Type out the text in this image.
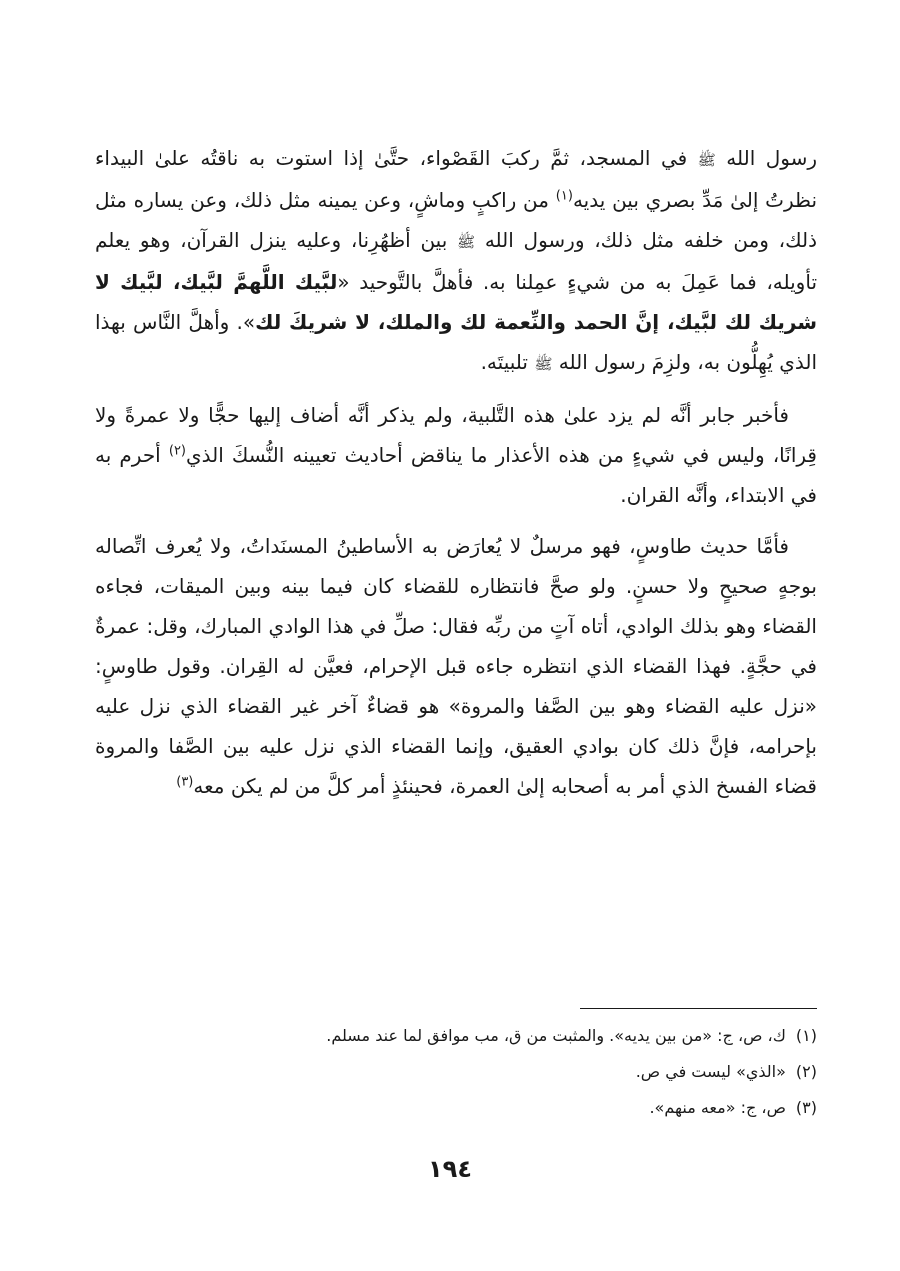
رسول الله ﷺ في المسجد، ثمَّ ركبَ القَصْواء، حتَّىٰ إذا استوت به ناقتُه علىٰ البيداء نظرتُ إلىٰ مَدِّ بصري بين يديه$^{(١)}$ من راكبٍ وماشٍ، وعن يمينه مثل ذلك، وعن يساره مثل ذلك، ومن خلفه مثل ذلك، ورسول الله ﷺ بين أظهُرِنا، وعليه ينزل القرآن، وهو يعلم تأويله، فما عَمِلَ به من شيءٍ عمِلنا به. فأهلَّ بالتَّوحيد «لبَّيك اللَّهمَّ لبَّيك، لبَّيك لا شريك لك لبَّيك، إنَّ الحمد والنِّعمة لك والملك، لا شريكَ لك». وأهلَّ النَّاس بهذا الذي يُهِلُّون به، ولزِمَ رسول الله ﷺ تلبيتَه.

فأخبر جابر أنَّه لم يزد علىٰ هذه التَّلبية، ولم يذكر أنَّه أضاف إليها حجًّا ولا عمرةً ولا قِرانًا، وليس في شيءٍ من هذه الأعذار ما يناقض أحاديث تعيينه النُّسكَ الذي$^{(٢)}$ أحرم به في الابتداء، وأنَّه القران.

فأمَّا حديث طاوسٍ، فهو مرسلٌ لا يُعارَض به الأساطينُ المسنَداتُ، ولا يُعرف اتِّصاله بوجهٍ صحيحٍ ولا حسنٍ. ولو صحَّ فانتظاره للقضاء كان فيما بينه وبين الميقات، فجاءه القضاء وهو بذلك الوادي، أتاه آتٍ من ربِّه فقال: صلِّ في هذا الوادي المبارك، وقل: عمرةٌ في حجَّةٍ. فهذا القضاء الذي انتظره جاءه قبل الإحرام، فعيَّن له القِران. وقول طاوسٍ: «نزل عليه القضاء وهو بين الصَّفا والمروة» هو قضاءٌ آخر غير القضاء الذي نزل عليه بإحرامه، فإنَّ ذلك كان بوادي العقيق، وإنما القضاء الذي نزل عليه بين الصَّفا والمروة قضاء الفسخ الذي أمر به أصحابه إلىٰ العمرة، فحينئذٍ أمر كلَّ من لم يكن معه$^{(٣)}$

(١)ك، ص، ج: «من بين يديه». والمثبت من ق، مب موافق لما عند مسلم.
(٢)«الذي» ليست في ص.
(٣)ص، ج: «معه منهم».
١٩٤
